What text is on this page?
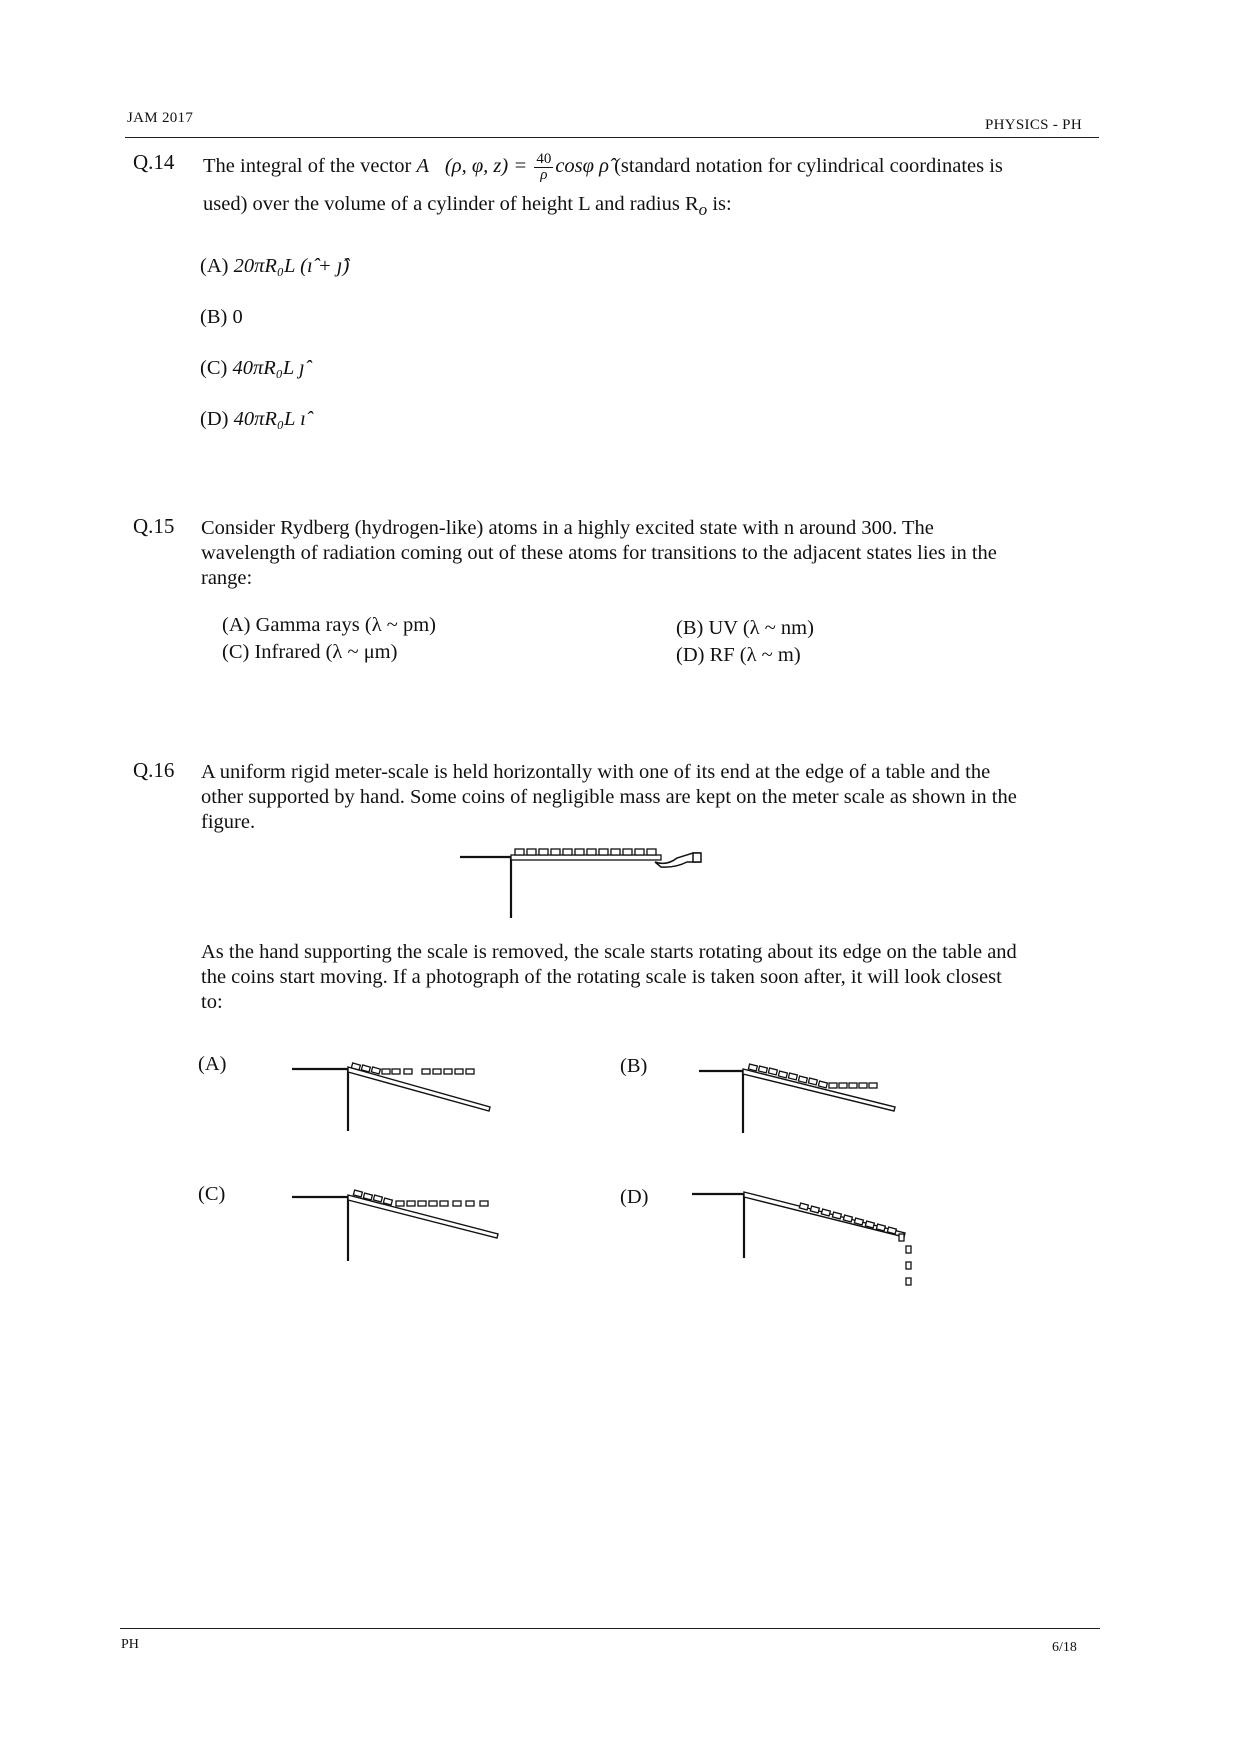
JAM 2017	PHYSICS - PH
Q.14 The integral of the vector A⃗(ρ, φ, $z) = \frac{40}{\rho}$ cosφ ρ̂ (standard notation for cylindrical coordinates is
used) over the volume of a cylinder of height L and radius $R_o$ is:
(A) 20πR₀L (ı̂ + ȷ̂)
(B) 0
(C) 40πR₀L ȷ̂
(D) 40πR₀L ı̂
Q.15 Consider Rydberg (hydrogen-like) atoms in a highly excited state with n around 300. The
wavelength of radiation coming out of these atoms for transitions to the adjacent states lies in the
range:
(A) Gamma rays (λ ~ pm)	(B) UV (λ ~ nm)
(C) Infrared (λ ~ μm)	(D) RF (λ ~ m)
Q.16 A uniform rigid meter-scale is held horizontally with one of its end at the edge of a table and the
other supported by hand. Some coins of negligible mass are kept on the meter scale as shown in the
figure.
As the hand supporting the scale is removed, the scale starts rotating about its edge on the table and
the coins start moving. If a photograph of the rotating scale is taken soon after, it will look closest
to:
(A)	(B)
(C)	(D)
PH	6/18
